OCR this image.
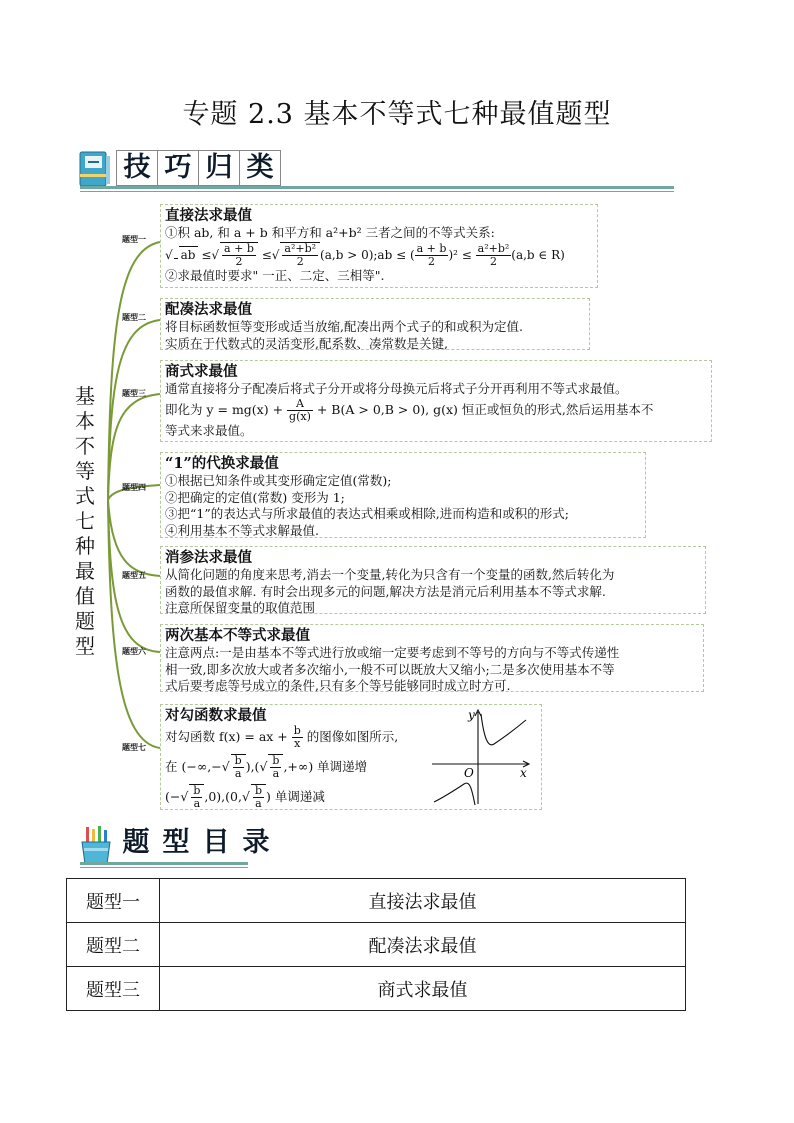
专题 2.3 基本不等式七种最值题型
技 巧 归 类
基
本
不
等
式
七
种
最
值
题
型
题型一
题型二
题型三
题型四
题型五
题型六
题型七
直接法求最值
①积 ab, 和 a + b 和平方和 a²+b² 三者之间的不等式关系:
√ ab ≤√ $\frac{a + b}{2}$ ≤√ $\frac{\text{a²+b²}}{2} (a,b$ > 0);ab ≤ ( $\frac{a + b}{2} )^2 \le \frac{\text{a²+b²}}{2} (a,b$ ∈ R)
②求最值时要求" 一正、二定、三相等".
配凑法求最值
将目标函数恒等变形或适当放缩,配凑出两个式子的和或积为定值.
实质在于代数式的灵活变形,配系数、凑常数是关键,
商式求最值
通常直接将分子配凑后将式子分开或将分母换元后将式子分开再利用不等式求最值。
即化为 $y = mg(x) + \frac{A}{g(x)} + B(A > 0,B > 0)$, g(x) 恒正或恒负的形式,然后运用基本不
等式来求最值。
“1”的代换求最值
①根据已知条件或其变形确定定值(常数);
②把确定的定值(常数) 变形为 1;
③把“1”的表达式与所求最值的表达式相乘或相除,进而构造和或积的形式;
④利用基本不等式求解最值.
消参法求最值
从简化问题的角度来思考,消去一个变量,转化为只含有一个变量的函数,然后转化为
函数的最值求解. 有时会出现多元的问题,解决方法是消元后利用基本不等式求解.
注意所保留变量的取值范围
两次基本不等式求最值
注意两点:一是由基本不等式进行放或缩一定要考虑到不等号的方向与不等式传递性
相一致,即多次放大或者多次缩小,一般不可以既放大又缩小;二是多次使用基本不等
式后要考虑等号成立的条件,只有多个等号能够同时成立时方可.
对勾函数求最值
对勾函数 f(x) = ax + $\frac{b}{x}$ 的图像如图所示,
在 (−∞,−√ $\frac{b}{a}$ ),(√ $\frac{b}{a}$ ,+∞) 单调递增
(−√ $\frac{b}{a} ,0),(0,√ \frac{b}{a}$ ) 单调递减
y
x
O
题 型 目 录
题型一	直接法求最值
题型二	配凑法求最值
题型三	商式求最值
